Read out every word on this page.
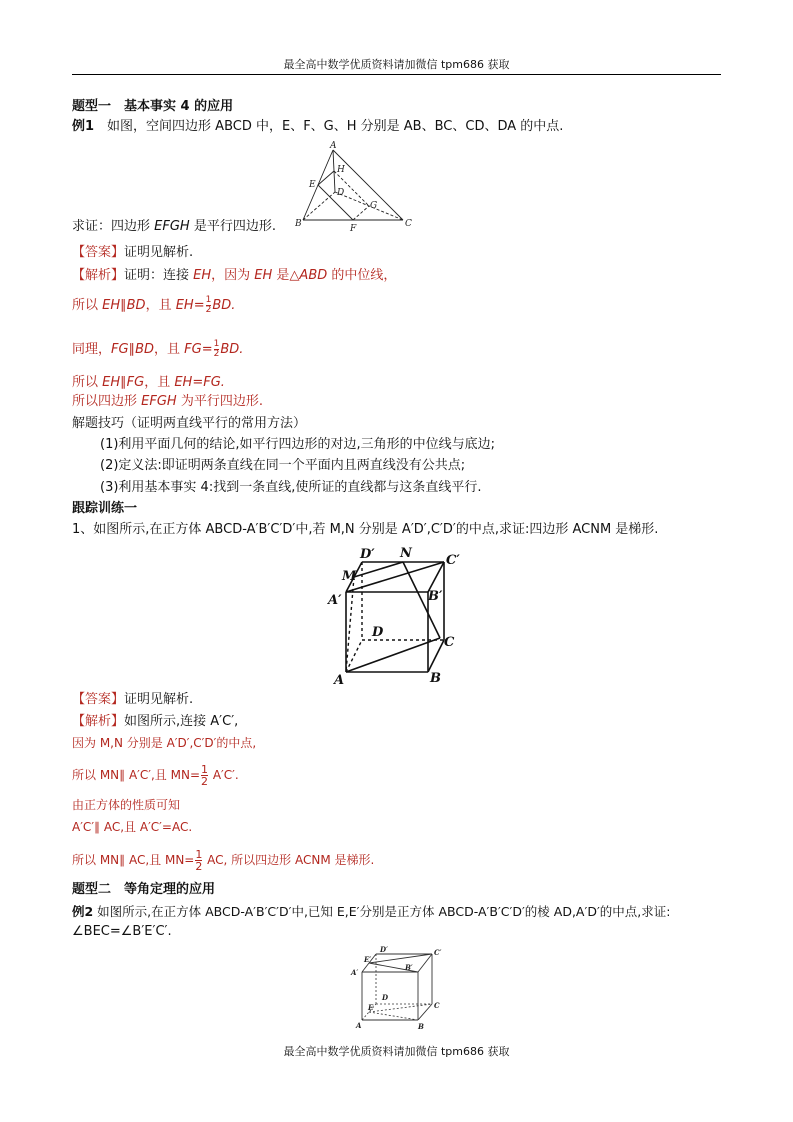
最全高中数学优质资料请加微信 tpm686 获取
题型一　基本事实 4 的应用
例1　如图，空间四边形 ABCD 中，E、F、G、H 分别是 AB、BC、CD、DA 的中点.
A
B	C
D
E
F
G
H
求证：四边形 EFGH 是平行四边形.
【答案】证明见解析.
【解析】证明：连接 EH，因为 EH 是△ABD 的中位线，
所以 EH∥BD，且 $EH= \frac{1}{2}$ BD.
同理，FG∥BD，且 $FG= \frac{1}{2}$ BD.
所以 EH∥FG，且 EH=FG.
所以四边形 EFGH 为平行四边形.
解题技巧（证明两直线平行的常用方法）
(1)利用平面几何的结论,如平行四边形的对边,三角形的中位线与底边;
(2)定义法:即证明两条直线在同一个平面内且两直线没有公共点;
(3)利用基本事实 4:找到一条直线,使所证的直线都与这条直线平行.
跟踪训练一
1、如图所示,在正方体 ABCD-A′B′C′D′中,若 M,N 分别是 A′D′,C′D′的中点,求证:四边形 ACNM 是梯形.
A	B
C
D
A′	B′
C′
D′
M
N
【答案】证明见解析.
【解析】如图所示,连接 A′C′,
因为 M,N 分别是 A′D′,C′D′的中点,
所以 MN∥ A′C′,且 $MN= \frac{1}{2} A'C'$.
由正方体的性质可知
A′C′∥ AC,且 A′C′=AC.
所以 MN∥ AC,且 $MN= \frac{1}{2}$ AC, 所以四边形 ACNM 是梯形.
题型二　等角定理的应用
例2 如图所示,在正方体 ABCD-A′B′C′D′中,已知 E,E′分别是正方体 ABCD-A′B′C′D′的棱 AD,A′D′的中点,求证:
∠BEC=∠B′E′C′.
A	B
C
D
E
A′
B′
C′
D′
E′
最全高中数学优质资料请加微信 tpm686 获取
